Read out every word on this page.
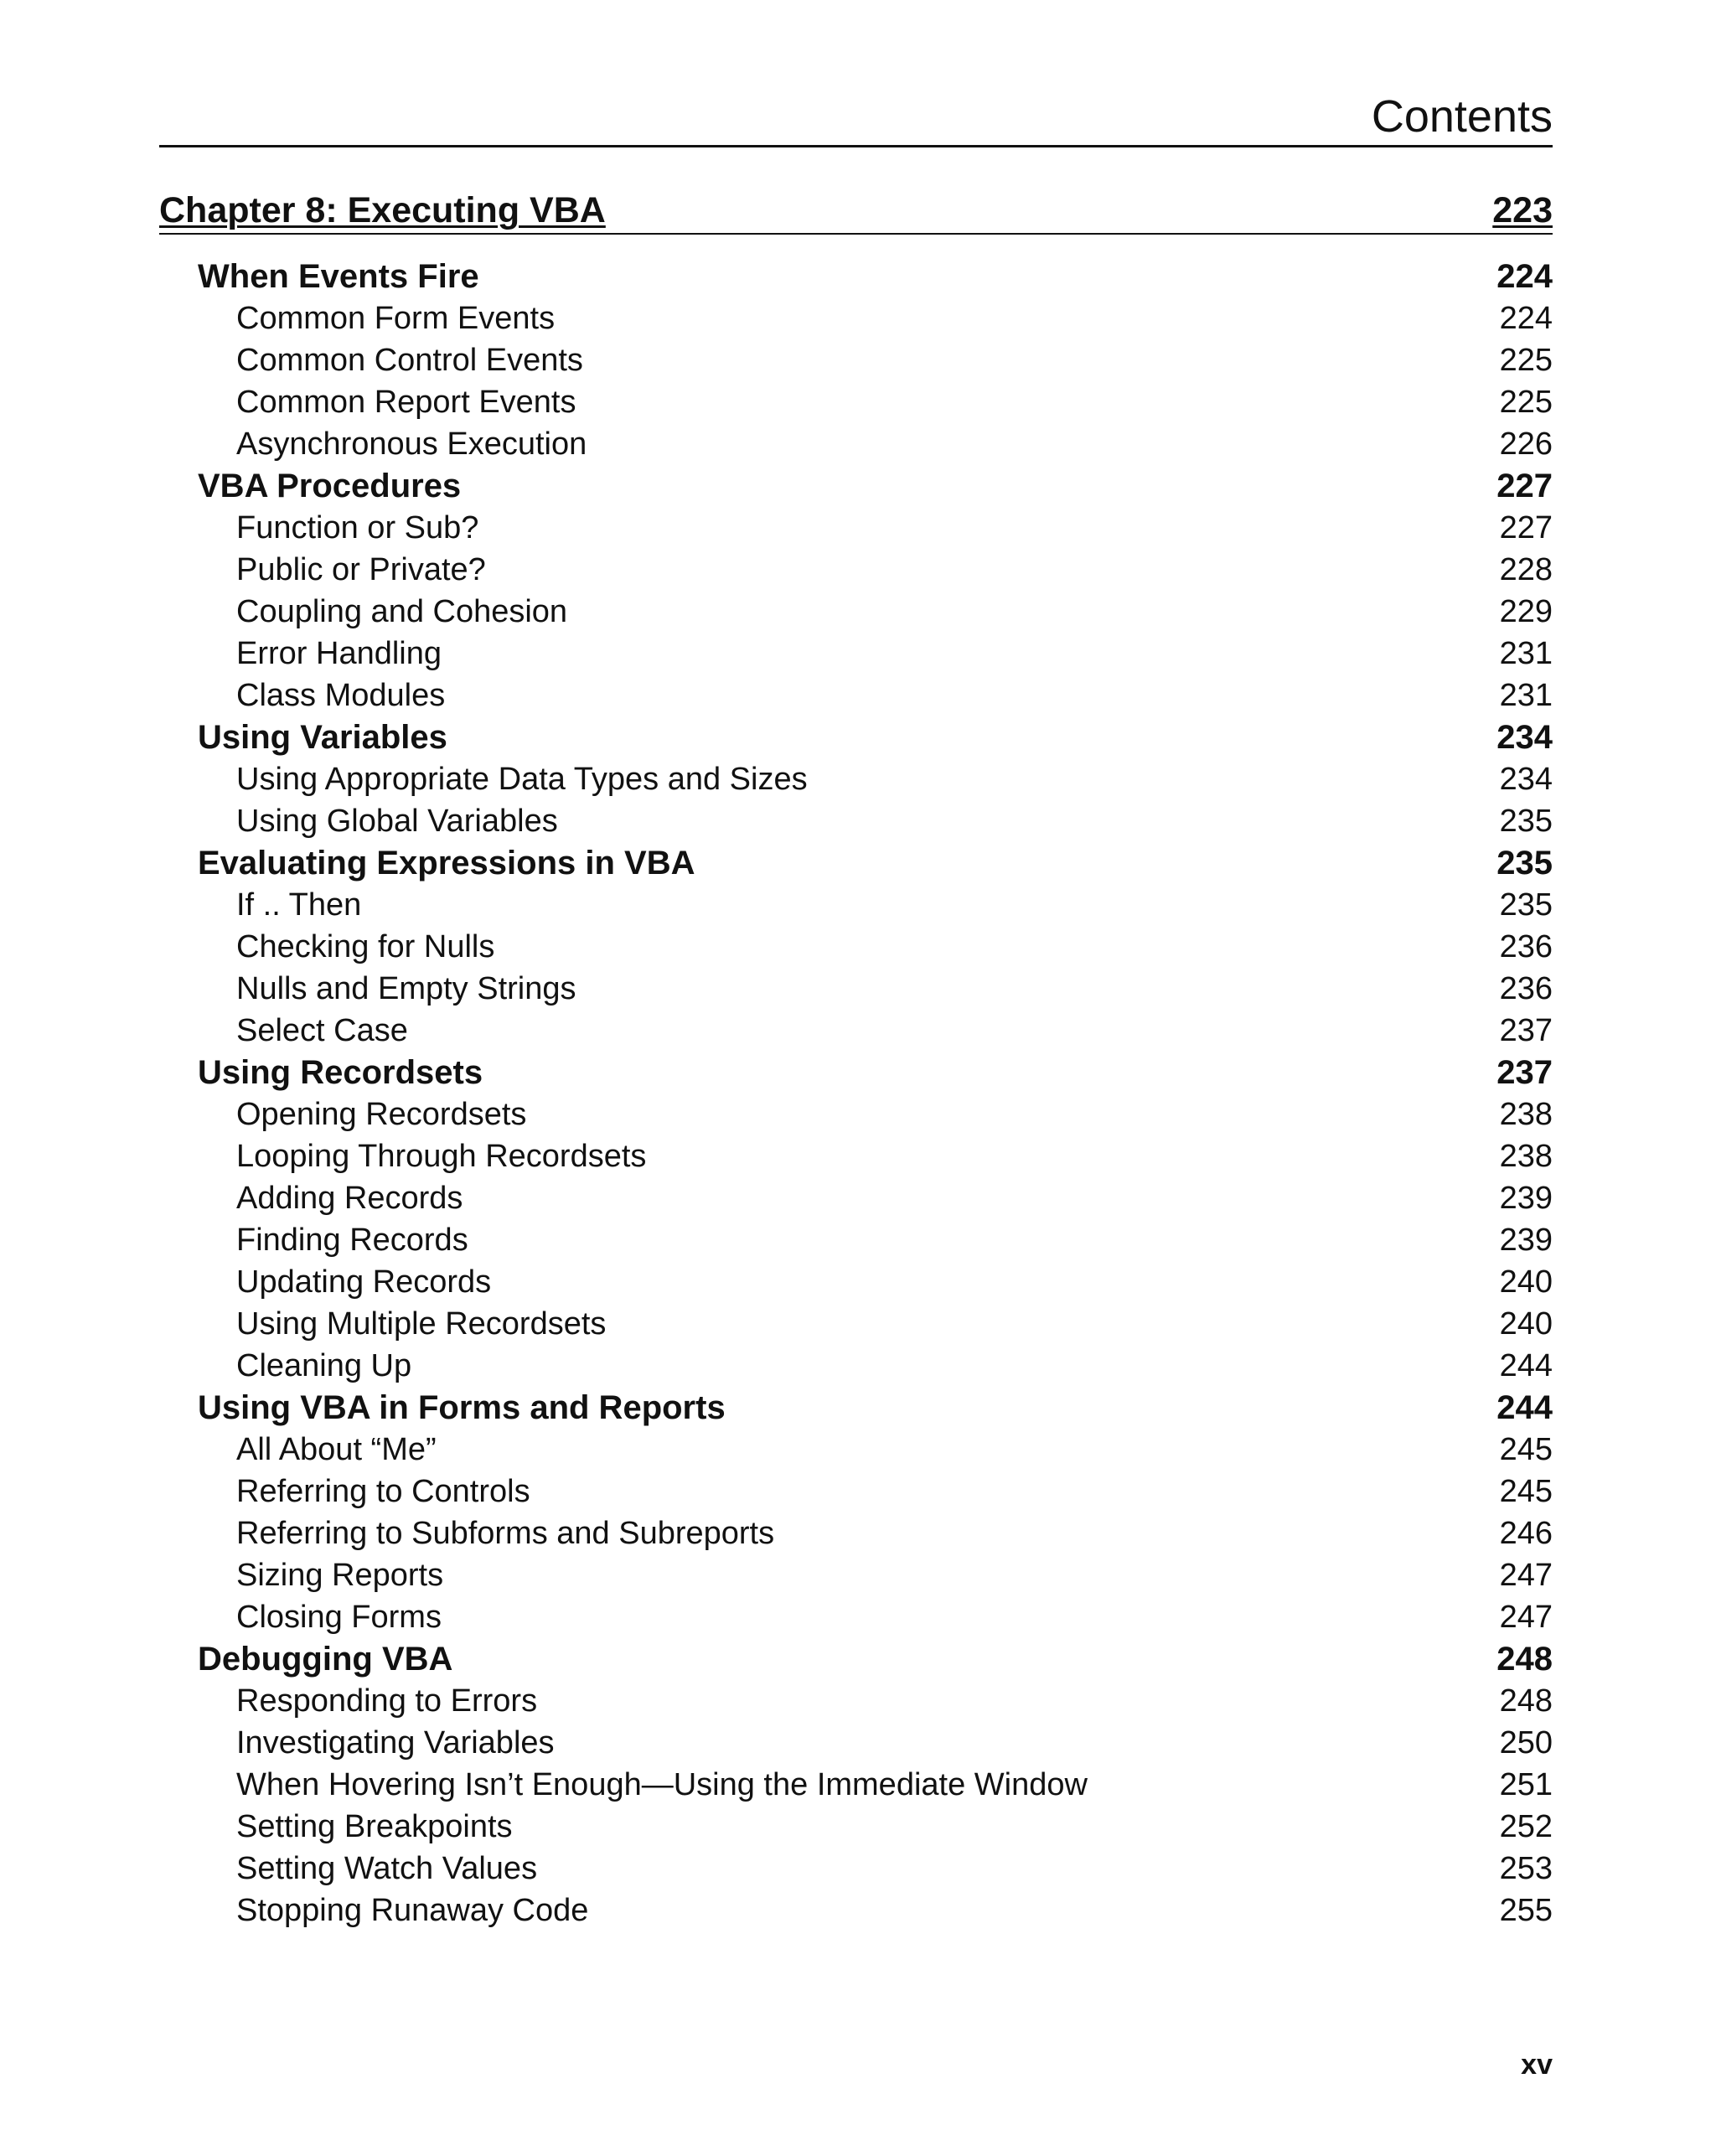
Contents
Chapter 8: Executing VBA	223
When Events Fire	224
Common Form Events	224
Common Control Events	225
Common Report Events	225
Asynchronous Execution	226
VBA Procedures	227
Function or Sub?	227
Public or Private?	228
Coupling and Cohesion	229
Error Handling	231
Class Modules	231
Using Variables	234
Using Appropriate Data Types and Sizes	234
Using Global Variables	235
Evaluating Expressions in VBA	235
If .. Then	235
Checking for Nulls	236
Nulls and Empty Strings	236
Select Case	237
Using Recordsets	237
Opening Recordsets	238
Looping Through Recordsets	238
Adding Records	239
Finding Records	239
Updating Records	240
Using Multiple Recordsets	240
Cleaning Up	244
Using VBA in Forms and Reports	244
All About “Me”	245
Referring to Controls	245
Referring to Subforms and Subreports	246
Sizing Reports	247
Closing Forms	247
Debugging VBA	248
Responding to Errors	248
Investigating Variables	250
When Hovering Isn’t Enough—Using the Immediate Window	251
Setting Breakpoints	252
Setting Watch Values	253
Stopping Runaway Code	255
xv
